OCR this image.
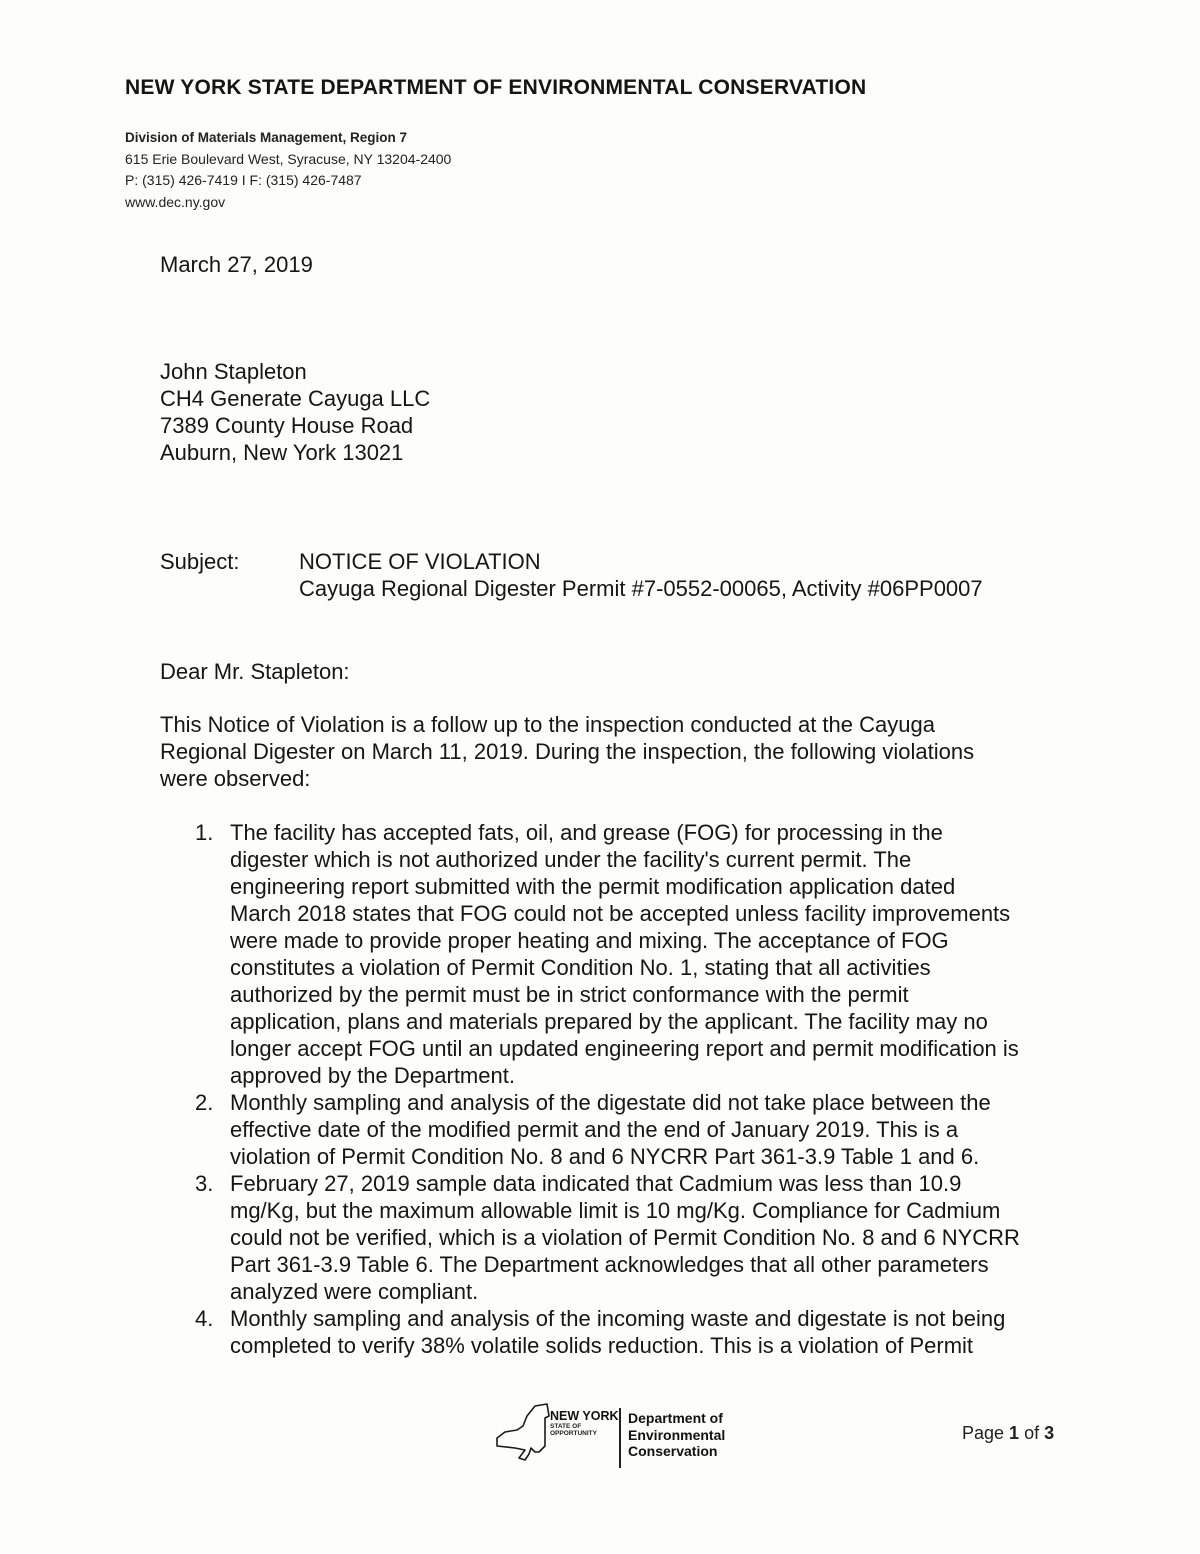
NEW YORK STATE DEPARTMENT OF ENVIRONMENTAL CONSERVATION
Division of Materials Management, Region 7
615 Erie Boulevard West, Syracuse, NY 13204-2400
P: (315) 426-7419 I F: (315) 426-7487
www.dec.ny.gov
March 27, 2019
John Stapleton
CH4 Generate Cayuga LLC
7389 County House Road
Auburn, New York 13021
Subject:	NOTICE OF VIOLATION
Cayuga Regional Digester Permit #7-0552-00065, Activity #06PP0007
Dear Mr. Stapleton:
This Notice of Violation is a follow up to the inspection conducted at the Cayuga
Regional Digester on March 11, 2019. During the inspection, the following violations
were observed:
1. The facility has accepted fats, oil, and grease (FOG) for processing in the
digester which is not authorized under the facility's current permit. The
engineering report submitted with the permit modification application dated
March 2018 states that FOG could not be accepted unless facility improvements
were made to provide proper heating and mixing. The acceptance of FOG
constitutes a violation of Permit Condition No. 1, stating that all activities
authorized by the permit must be in strict conformance with the permit
application, plans and materials prepared by the applicant. The facility may no
longer accept FOG until an updated engineering report and permit modification is
approved by the Department.
2. Monthly sampling and analysis of the digestate did not take place between the
effective date of the modified permit and the end of January 2019. This is a
violation of Permit Condition No. 8 and 6 NYCRR Part 361-3.9 Table 1 and 6.
3. February 27, 2019 sample data indicated that Cadmium was less than 10.9
mg/Kg, but the maximum allowable limit is 10 mg/Kg. Compliance for Cadmium
could not be verified, which is a violation of Permit Condition No. 8 and 6 NYCRR
Part 361-3.9 Table 6. The Department acknowledges that all other parameters
analyzed were compliant.
4. Monthly sampling and analysis of the incoming waste and digestate is not being
completed to verify 38% volatile solids reduction. This is a violation of Permit
NEW YORK
STATE OF
OPPORTUNITY
Department of
Environmental
Conservation
Page 1 of 3
